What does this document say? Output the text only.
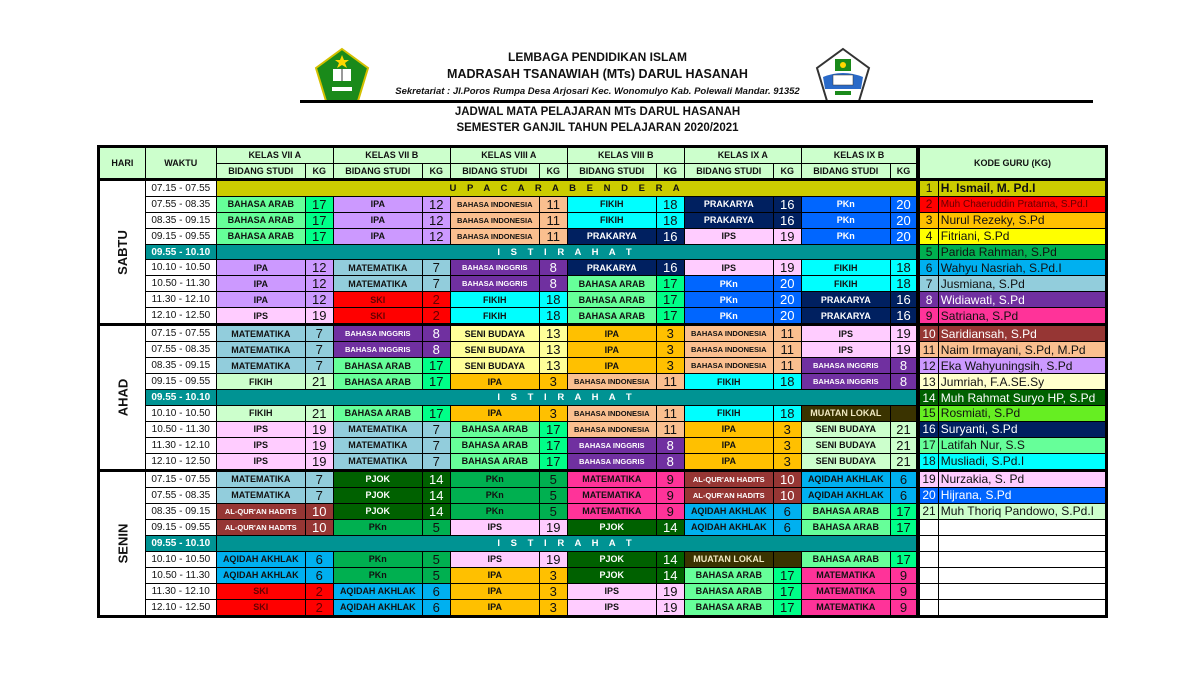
LEMBAGA PENDIDIKAN ISLAM
MADRASAH TSANAWIAH (MTs) DARUL HASANAH
Sekretariat : Jl.Poros Rumpa Desa Arjosari Kec. Wonomulyo Kab. Polewali Mandar. 91352
JADWAL MATA PELAJARAN MTs DARUL HASANAH
SEMESTER GANJIL TAHUN PELAJARAN 2020/2021
HARI	WAKTU	KELAS VII A		KELAS VII B		KELAS VIII A		KELAS VIII B		KELAS IX A		KELAS IX B		KODE GURU (KG)	
		BIDANG STUDI	KG	BIDANG STUDI	KG	BIDANG STUDI	KG	BIDANG STUDI	KG	BIDANG STUDI	KG	BIDANG STUDI	KG		
SABTU	07.15 - 07.55	U P A C A R A B E N D E R A												1	H. Ismail, M. Pd.I
	07.55 - 08.35	BAHASA ARAB	17	IPA	12	BAHASA INDONESIA	11	FIKIH	18	PRAKARYA	16	PKn	20	2	Muh Chaeruddin Pratama, S.Pd.I
	08.35 - 09.15	BAHASA ARAB	17	IPA	12	BAHASA INDONESIA	11	FIKIH	18	PRAKARYA	16	PKn	20	3	Nurul Rezeky, S.Pd
	09.15 - 09.55	BAHASA ARAB	17	IPA	12	BAHASA INDONESIA	11	PRAKARYA	16	IPS	19	PKn	20	4	Fitriani, S.Pd
	09.55 - 10.10	I S T I R A H A T												5	Parida Rahman, S.Pd
	10.10 - 10.50	IPA	12	MATEMATIKA	7	BAHASA INGGRIS	8	PRAKARYA	16	IPS	19	FIKIH	18	6	Wahyu Nasriah, S.Pd.I
	10.50 - 11.30	IPA	12	MATEMATIKA	7	BAHASA INGGRIS	8	BAHASA ARAB	17	PKn	20	FIKIH	18	7	Jusmiana, S.Pd
	11.30 - 12.10	IPA	12	SKI	2	FIKIH	18	BAHASA ARAB	17	PKn	20	PRAKARYA	16	8	Widiawati, S.Pd
	12.10 - 12.50	IPS	19	SKI	2	FIKIH	18	BAHASA ARAB	17	PKn	20	PRAKARYA	16	9	Satriana, S.Pd
AHAD	07.15 - 07.55	MATEMATIKA	7	BAHASA INGGRIS	8	SENI BUDAYA	13	IPA	3	BAHASA INDONESIA	11	IPS	19	10	Saridiansah, S.Pd
	07.55 - 08.35	MATEMATIKA	7	BAHASA INGGRIS	8	SENI BUDAYA	13	IPA	3	BAHASA INDONESIA	11	IPS	19	11	Naim Irmayani, S.Pd, M.Pd
	08.35 - 09.15	MATEMATIKA	7	BAHASA ARAB	17	SENI BUDAYA	13	IPA	3	BAHASA INDONESIA	11	BAHASA INGGRIS	8	12	Eka Wahyuningsih, S.Pd
	09.15 - 09.55	FIKIH	21	BAHASA ARAB	17	IPA	3	BAHASA INDONESIA	11	FIKIH	18	BAHASA INGGRIS	8	13	Jumriah, F.A.SE.Sy
	09.55 - 10.10	I S T I R A H A T												14	Muh Rahmat Suryo HP, S.Pd
	10.10 - 10.50	FIKIH	21	BAHASA ARAB	17	IPA	3	BAHASA INDONESIA	11	FIKIH	18	MUATAN LOKAL		15	Rosmiati, S.Pd
	10.50 - 11.30	IPS	19	MATEMATIKA	7	BAHASA ARAB	17	BAHASA INDONESIA	11	IPA	3	SENI BUDAYA	21	16	Suryanti, S.Pd
	11.30 - 12.10	IPS	19	MATEMATIKA	7	BAHASA ARAB	17	BAHASA INGGRIS	8	IPA	3	SENI BUDAYA	21	17	Latifah Nur, S.S
	12.10 - 12.50	IPS	19	MATEMATIKA	7	BAHASA ARAB	17	BAHASA INGGRIS	8	IPA	3	SENI BUDAYA	21	18	Musliadi, S.Pd.I
SENIN	07.15 - 07.55	MATEMATIKA	7	PJOK	14	PKn	5	MATEMATIKA	9	AL-QUR'AN HADITS	10	AQIDAH AKHLAK	6	19	Nurzakia, S. Pd
	07.55 - 08.35	MATEMATIKA	7	PJOK	14	PKn	5	MATEMATIKA	9	AL-QUR'AN HADITS	10	AQIDAH AKHLAK	6	20	Hijrana, S.Pd
	08.35 - 09.15	AL-QUR'AN HADITS	10	PJOK	14	PKn	5	MATEMATIKA	9	AQIDAH AKHLAK	6	BAHASA ARAB	17	21	Muh Thoriq Pandowo, S.Pd.I
	09.15 - 09.55	AL-QUR'AN HADITS	10	PKn	5	IPS	19	PJOK	14	AQIDAH AKHLAK	6	BAHASA ARAB	17		
	09.55 - 10.10	I S T I R A H A T													
	10.10 - 10.50	AQIDAH AKHLAK	6	PKn	5	IPS	19	PJOK	14	MUATAN LOKAL		BAHASA ARAB	17		
	10.50 - 11.30	AQIDAH AKHLAK	6	PKn	5	IPA	3	PJOK	14	BAHASA ARAB	17	MATEMATIKA	9		
	11.30 - 12.10	SKI	2	AQIDAH AKHLAK	6	IPA	3	IPS	19	BAHASA ARAB	17	MATEMATIKA	9		
	12.10 - 12.50	SKI	2	AQIDAH AKHLAK	6	IPA	3	IPS	19	BAHASA ARAB	17	MATEMATIKA	9		
